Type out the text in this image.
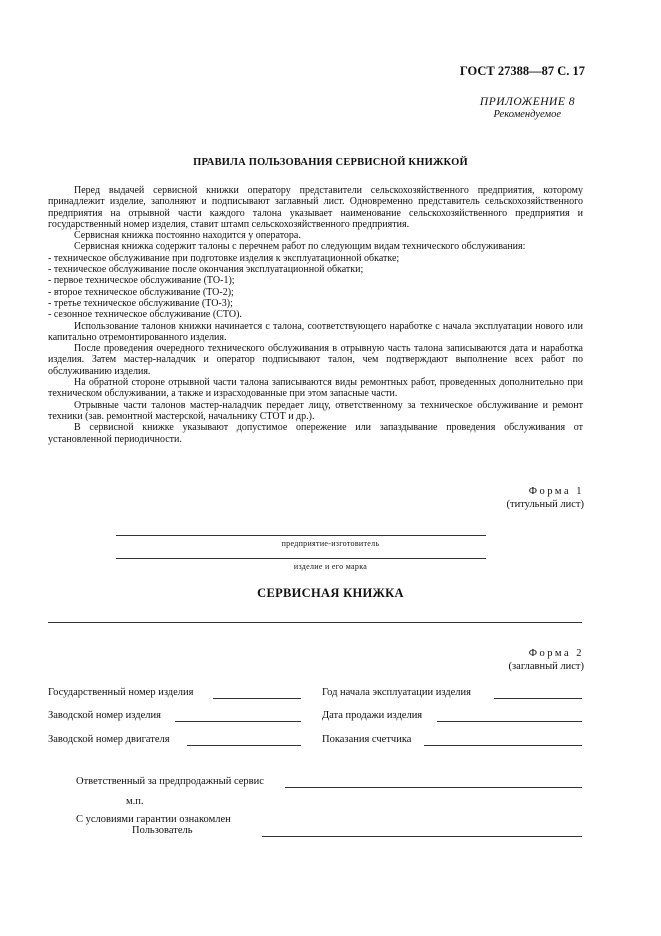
ГОСТ 27388—87 С. 17
ПРИЛОЖЕНИЕ 8
Рекомендуемое
ПРАВИЛА ПОЛЬЗОВАНИЯ СЕРВИСНОЙ КНИЖКОЙ

Перед выдачей сервисной книжки оператору представители сельскохозяйственного предприятия, которому принадлежит изделие, заполняют и подписывают заглавный лист. Одновременно представитель сельскохозяйственного предприятия на отрывной части каждого талона указывает наименование сельскохозяйственного предприятия и государственный номер изделия, ставит штамп сельскохозяйственного предприятия.

Сервисная книжка постоянно находится у оператора.

Сервисная книжка содержит талоны с перечнем работ по следующим видам технического обслуживания:

- техническое обслуживание при подготовке изделия к эксплуатационной обкатке;

- техническое обслуживание после окончания эксплуатационной обкатки;

- первое техническое обслуживание (ТО-1);

- второе техническое обслуживание (ТО-2);

- третье техническое обслуживание (ТО-3);

- сезонное техническое обслуживание (СТО).

Использование талонов книжки начинается с талона, соответствующего наработке с начала эксплуатации нового или капитально отремонтированного изделия.

После проведения очередного технического обслуживания в отрывную часть талона записываются дата и наработка изделия. Затем мастер-наладчик и оператор подписывают талон, чем подтверждают выполнение всех работ по обслуживанию изделия.

На обратной стороне отрывной части талона записываются виды ремонтных работ, проведенных дополнительно при техническом обслуживании, а также и израсходованные при этом запасные части.

Отрывные части талонов мастер-наладчик передает лицу, ответственному за техническое обслуживание и ремонт техники (зав. ремонтной мастерской, начальнику СТОТ и др.).

В сервисной книжке указывают допустимое опережение или запаздывание проведения обслуживания от установленной периодичности.

Форма 1
(титульный лист)
предприятие-изготовитель
изделие и его марка
СЕРВИСНАЯ КНИЖКА
Форма 2
(заглавный лист)
Государственный номер изделия	Год начала эксплуатации изделия
Заводской номер изделия	Дата продажи изделия
Заводской номер двигателя	Показания счетчика
Ответственный за предпродажный сервис
м.п.
С условиями гарантии ознакомлен
Пользователь
